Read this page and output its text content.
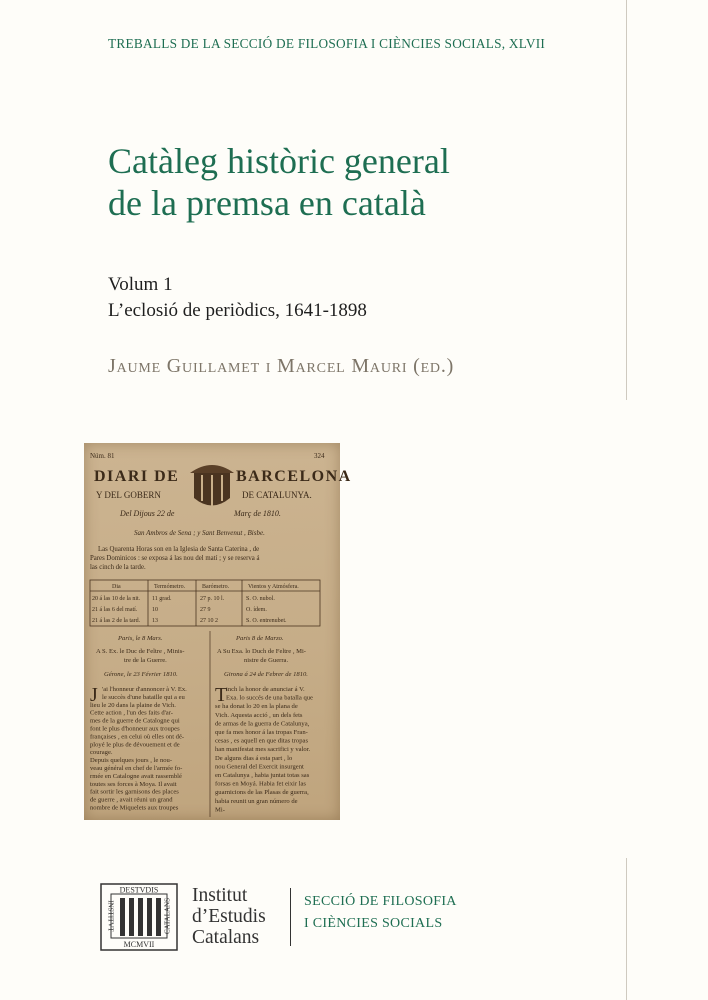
TREBALLS DE LA SECCIÓ DE FILOSOFIA I CIÈNCIES SOCIALS, XLVII
Catàleg històric general
de la premsa en català
Volum 1
L’eclosió de periòdics, 1641-1898
Jaume Guillamet i Marcel Mauri (ed.)
Núm. 81	324
DIARI DE	BARCELONA
Y DEL GOBERN	DE CATALUNYA.
Del Dijous 22 de	Març de 1810.
San Ambros de Sena ; y Sant Benvenut , Bisbe.
Las Quarenta Horas son en la Iglesia de Santa Caterina , de
Pares Dominicos : se exposa á las nou del matí ; y se reserva á
las cinch de la tarde.
Dia	Termómetro.	Barómetro.	Vientos y Atmósfera.
20 á las 10 de la nit. 11 grad.	27 p. 10 l.	S. O. nubol.
21 á las 6 del matí. 10	27 9	O. ídem.
21 á las 2 de la tard. 13	27 10 2	S. O. entrenubet.
Paris, le 8 Mars.
A S. Ex. le Duc de Feltre , Minis-
tre de la Guerre.
Gérone, le 23 Février 1810.
J 'ai l'honneur d'annoncer à V. Ex.
le succès d'une bataille qui a eu
lieu le 20 dans la plaine de Vich.
Cette action , l'un des faits d'ar-
mes de la guerre de Catalogne qui
font le plus d'honneur aux troupes
françaises , en celui où elles ont dé-
ployé le plus de dévouement et de
courage.
Depuis quelques jours , le nou-
veau général en chef de l'armée fo-
rmée en Catalogne avait rassemblé
toutes ses forces à Moya. Il avait
fait sortir les garnisons des places
de guerre , avait réuni un grand
nombre de Miquelets aux troupes
Paris 8 de Marzo.
A Su Exa. lo Duch de Feltre , Mi-
nistre de Guerra.
Girona á 24 de Febrer de 1810.
T
inch la honor de anunciar á V.
Exa. lo succés de una batalla que
se ha donat lo 20 en la plana de
Vich. Aquesta acció , un dels fets
de armas de la guerra de Catalunya,
que fa mes honor á las tropas Fran-
cesas , es aquell en que ditas tropas
han manifestat mes sacrifici y valor.
De alguns dias á esta part , lo
nou General del Exercit insurgent
en Catalunya , habia juntat totas sas
forsas en Moyá. Habia fet eixir las
guarnicions de las Plasas de guerra,
habia reunit un gran número de
Mi-
DESTVDIS
MCMVII
INSTITVT	CATALANS
Institut
d’Estudis
Catalans
SECCIÓ DE FILOSOFIA
I CIÈNCIES SOCIALS
